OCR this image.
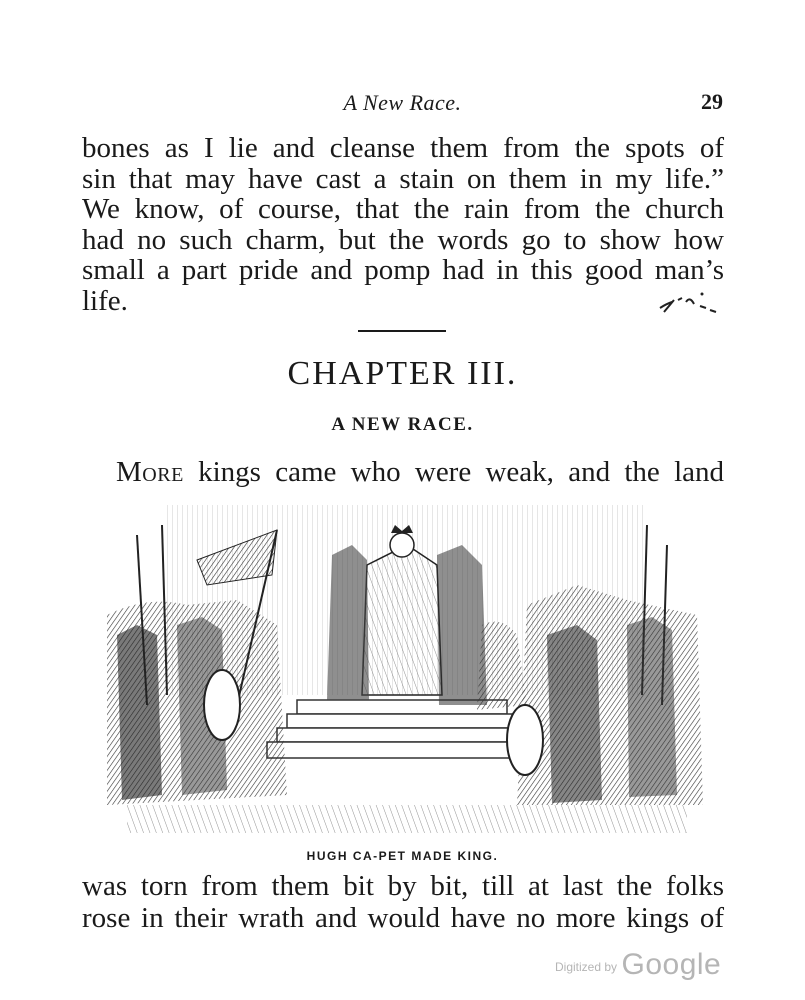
A New Race.	29
bones as I lie and cleanse them from the spots of
sin that may have cast a stain on them in my life.”
We know, of course, that the rain from the church
had no such charm, but the words go to show how
small a part pride and pomp had in this good man’s
life.
CHAPTER III.
A NEW RACE.

More kings came who were weak, and the land

HUGH CA-PET MADE KING.
was torn from them bit by bit, till at last the folks
rose in their wrath and would have no more kings of
Digitized by Google
